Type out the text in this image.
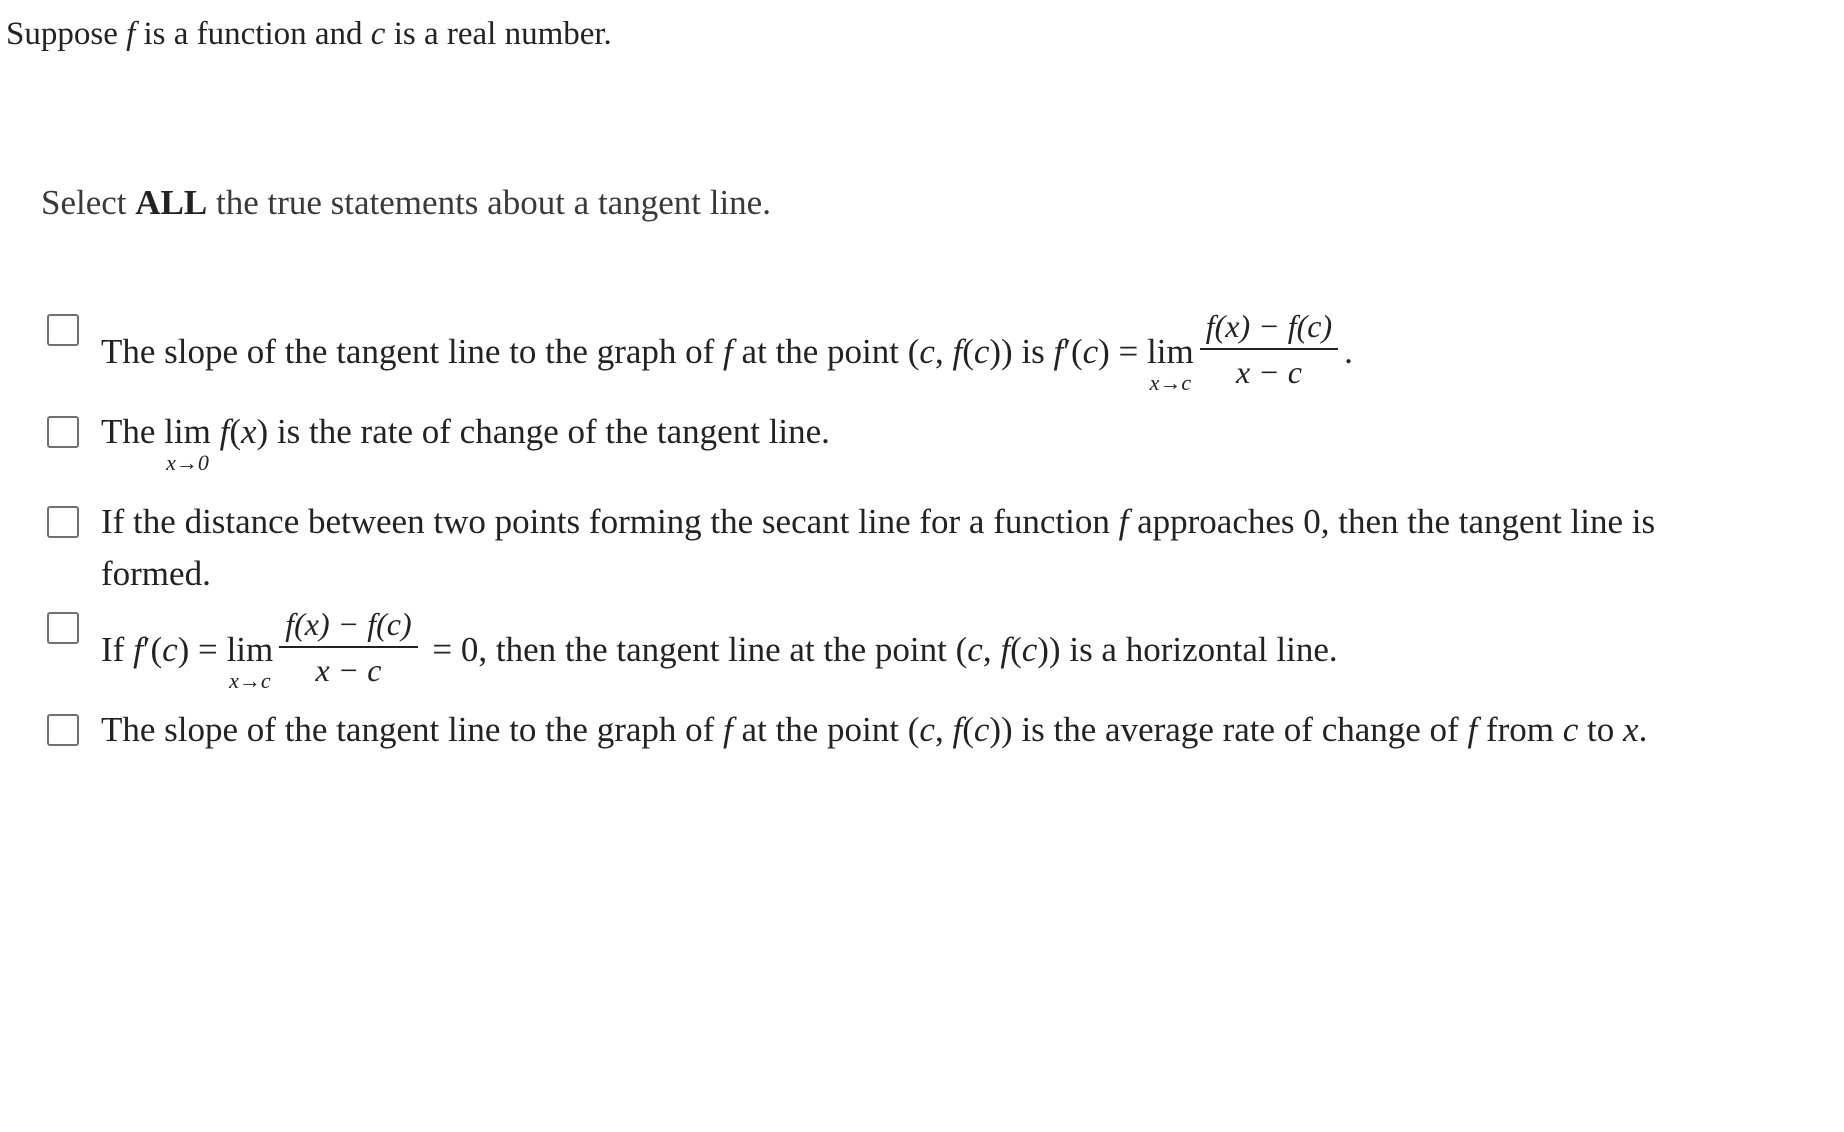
Suppose f is a function and c is a real number.
Select ALL the true statements about a tangent line.
The slope of the tangent line to the graph of f at the point (c, f(c)) is f′(c) = lim
$x\to c \frac{f(x) - f(c)}{x - c}$ .
The lim
x→0
f(x) is the rate of change of the tangent line.
If the distance between two points forming the secant line for a function f approaches 0, then the tangent line is formed.
If f′(c) = lim
$x\to c \frac{f(x) - f(c)}{x - c} = 0$, then the tangent line at the point (c, f(c)) is a horizontal line.
The slope of the tangent line to the graph of f at the point (c, f(c)) is the average rate of change of f from c to x.
